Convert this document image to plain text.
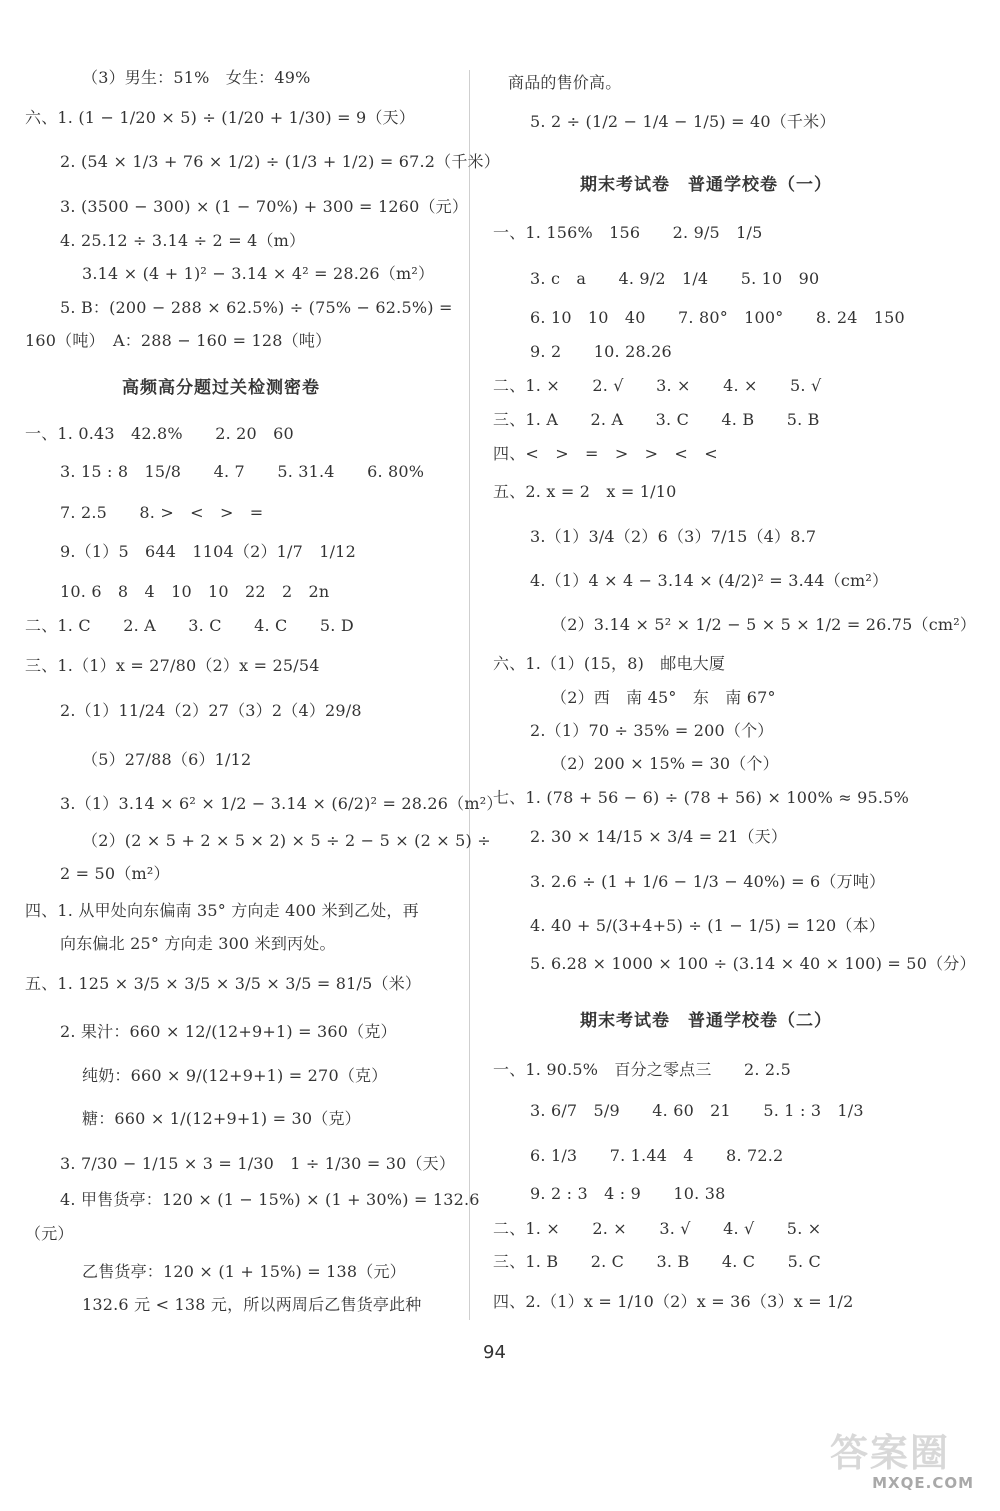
（3）男生：51%　女生：49%
六、1. (1 − 1/20 × 5) ÷ (1/20 + 1/30) = 9（天）
2. (54 × 1/3 + 76 × 1/2) ÷ (1/3 + 1/2) = 67.2（千米）
3. (3500 − 300) × (1 − 70%) + 300 = 1260（元）
4. 25.12 ÷ 3.14 ÷ 2 = 4（m）
3.14 × (4 + 1)² − 3.14 × 4² = 28.26（m²）
5. B：(200 − 288 × 62.5%) ÷ (75% − 62.5%) =
160（吨）　A：288 − 160 = 128（吨）
高频高分题过关检测密卷
一、1. 0.43　42.8%　　2. 20　60
3. 15 : 8　15/8　　4. 7　　5. 31.4　　6. 80%
7. 2.5　　8. >　<　>　=
9.（1）5　644　1104（2）1/7　1/12
10. 6　8　4　10　10　22　2　2n
二、1. C　　2. A　　3. C　　4. C　　5. D
三、1.（1）x = 27/80（2）x = 25/54
2.（1）11/24（2）27（3）2（4）29/8
（5）27/88（6）1/12
3.（1）3.14 × 6² × 1/2 − 3.14 × (6/2)² = 28.26（m²）
（2）(2 × 5 + 2 × 5 × 2) × 5 ÷ 2 − 5 × (2 × 5) ÷
2 = 50（m²）
四、1. 从甲处向东偏南 35° 方向走 400 米到乙处，再
向东偏北 25° 方向走 300 米到丙处。
五、1. 125 × 3/5 × 3/5 × 3/5 × 3/5 = 81/5（米）
2. 果汁：660 × 12/(12+9+1) = 360（克）
纯奶：660 × 9/(12+9+1) = 270（克）
糖：660 × 1/(12+9+1) = 30（克）
3. 7/30 − 1/15 × 3 = 1/30　1 ÷ 1/30 = 30（天）
4. 甲售货亭：120 × (1 − 15%) × (1 + 30%) = 132.6
（元）
乙售货亭：120 × (1 + 15%) = 138（元）
132.6 元 < 138 元，所以两周后乙售货亭此种
商品的售价高。
5. 2 ÷ (1/2 − 1/4 − 1/5) = 40（千米）
期末考试卷　普通学校卷（一）
一、1. 156%　156　　2. 9/5　1/5
3. c　a　　4. 9/2　1/4　　5. 10　90
6. 10　10　40　　7. 80°　100°　　8. 24　150
9. 2　　10. 28.26
二、1. ×　　2. √　　3. ×　　4. ×　　5. √
三、1. A　　2. A　　3. C　　4. B　　5. B
四、<　>　=　>　>　<　<
五、2. x = 2　x = 1/10
3.（1）3/4（2）6（3）7/15（4）8.7
4.（1）4 × 4 − 3.14 × (4/2)² = 3.44（cm²）
（2）3.14 × 5² × 1/2 − 5 × 5 × 1/2 = 26.75（cm²）
六、1.（1）(15，8)　邮电大厦
（2）西　南 45°　东　南 67°
2.（1）70 ÷ 35% = 200（个）
（2）200 × 15% = 30（个）
七、1. (78 + 56 − 6) ÷ (78 + 56) × 100% ≈ 95.5%
2. 30 × 14/15 × 3/4 = 21（天）
3. 2.6 ÷ (1 + 1/6 − 1/3 − 40%) = 6（万吨）
4. 40 + 5/(3+4+5) ÷ (1 − 1/5) = 120（本）
5. 6.28 × 1000 × 100 ÷ (3.14 × 40 × 100) = 50（分）
期末考试卷　普通学校卷（二）
一、1. 90.5%　百分之零点三　　2. 2.5
3. 6/7　5/9　　4. 60　21　　5. 1 : 3　1/3
6. 1/3　　7. 1.44　4　　8. 72.2
9. 2 : 3　4 : 9　　10. 38
二、1. ×　　2. ×　　3. √　　4. √　　5. ×
三、1. B　　2. C　　3. B　　4. C　　5. C
四、2.（1）x = 1/10（2）x = 36（3）x = 1/2
94
答案圈
MXQE.COM
